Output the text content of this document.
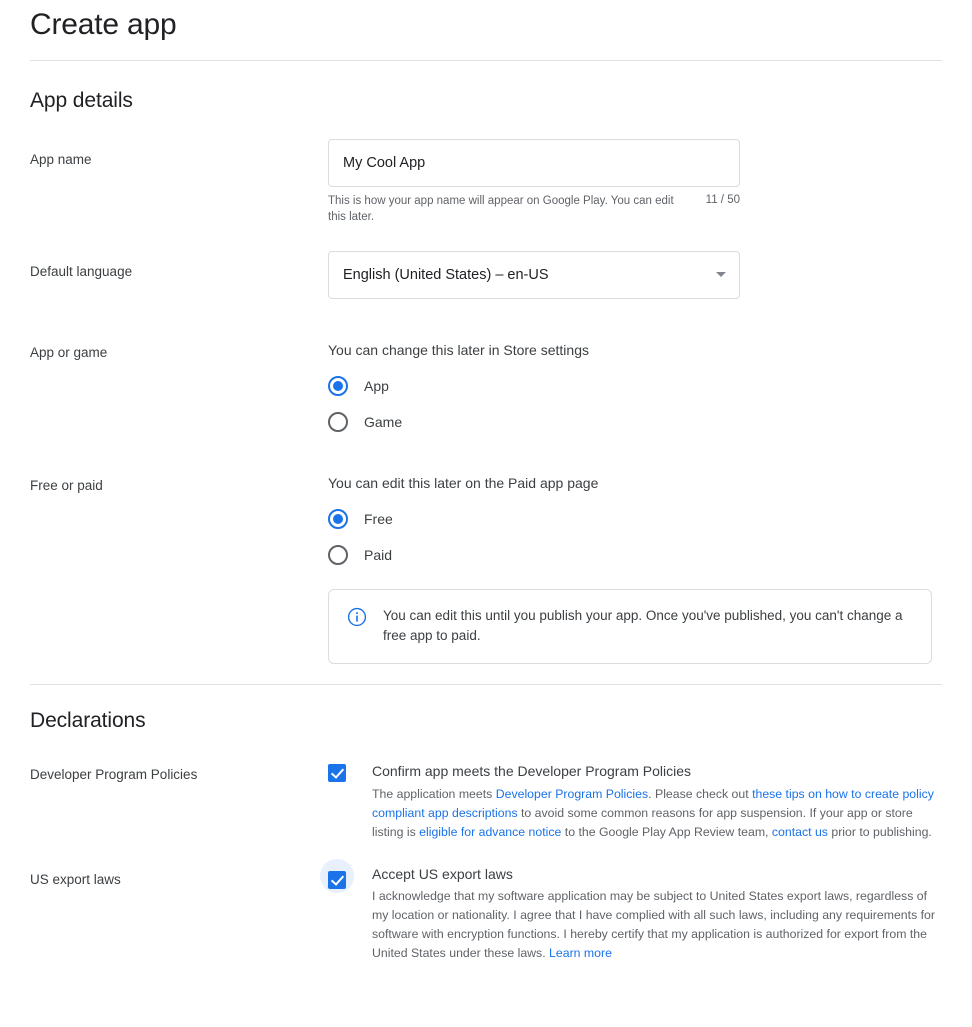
Create app
App details
App name
My Cool App
This is how your app name will appear on Google Play. You can edit this later.
11 / 50
Default language	English (United States) – en-US
App or game	You can change this later in Store settings
App
Game
Free or paid	You can edit this later on the Paid app page
Free
Paid
You can edit this until you publish your app. Once you've published, you can't change a free app to paid.
Declarations
Developer Program Policies	Confirm app meets the Developer Program Policies
The application meets Developer Program Policies. Please check out these tips on how to create policy compliant app descriptions to avoid some common reasons for app suspension. If your app or store listing is eligible for advance notice to the Google Play App Review team, contact us prior to publishing.
US export laws	Accept US export laws
I acknowledge that my software application may be subject to United States export laws, regardless of my location or nationality. I agree that I have complied with all such laws, including any requirements for software with encryption functions. I hereby certify that my application is authorized for export from the United States under these laws. Learn more
